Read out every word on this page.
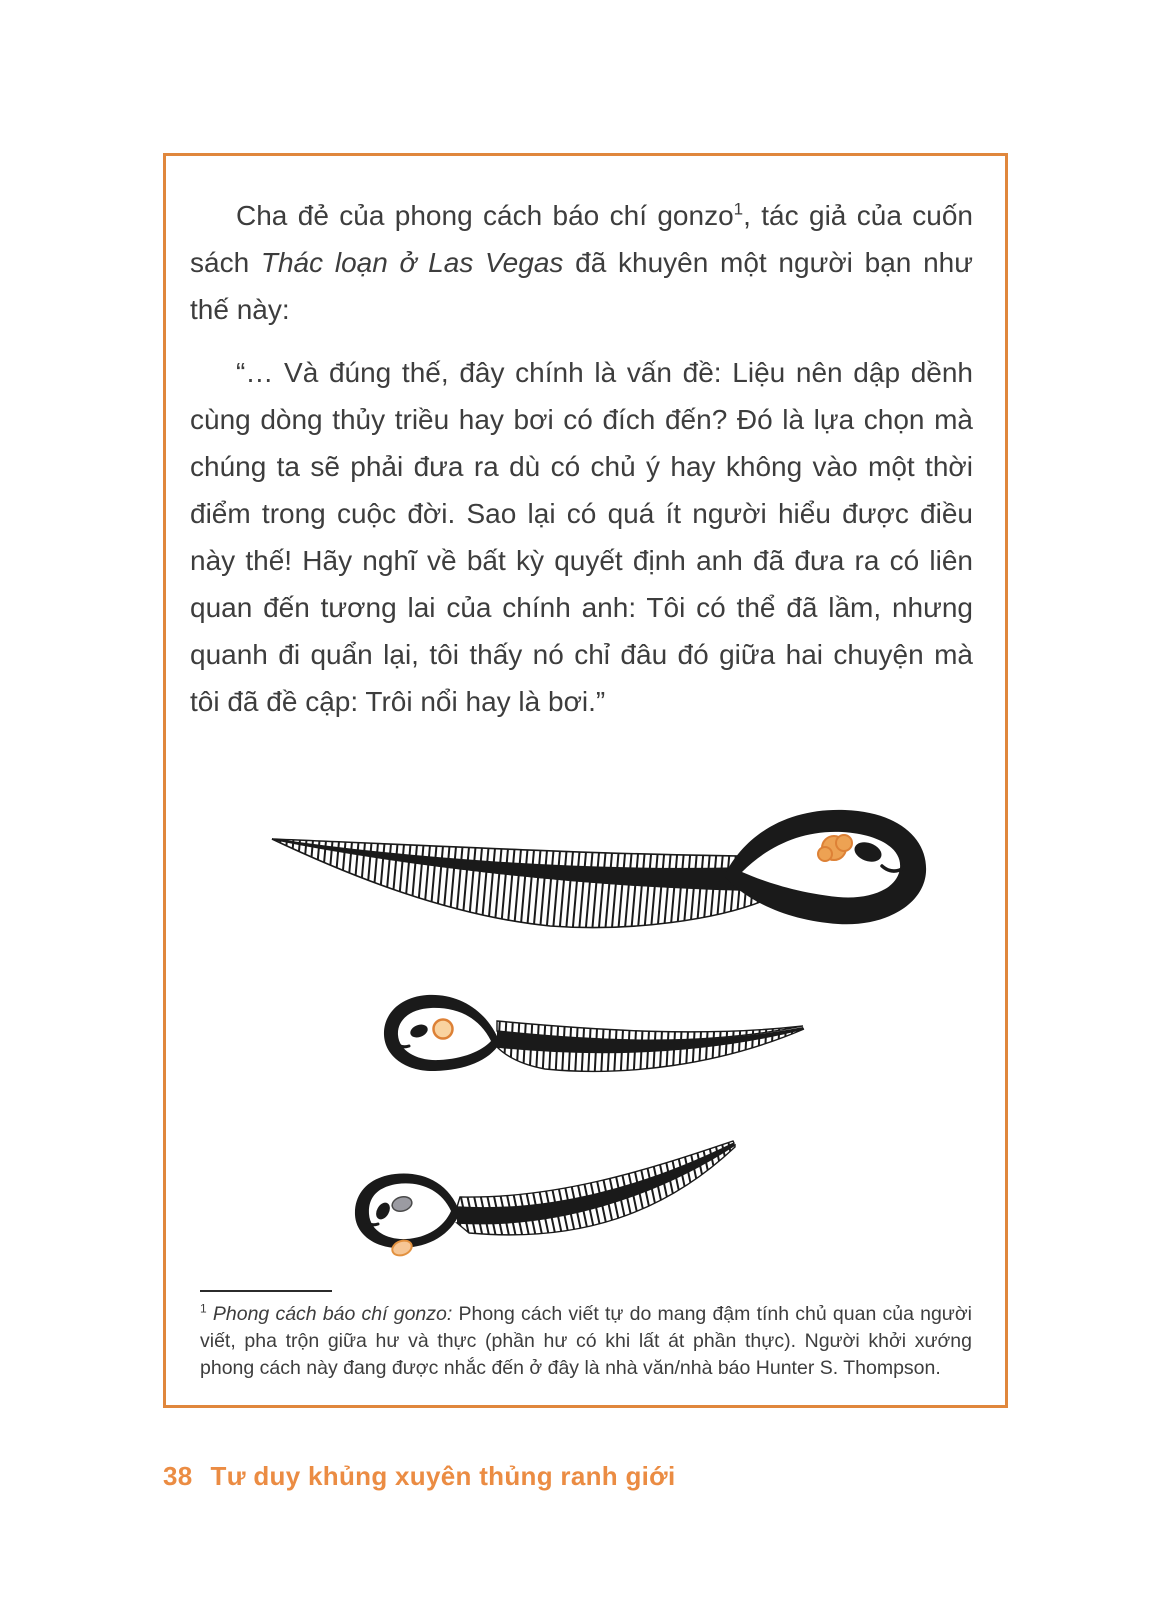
Cha đẻ của phong cách báo chí gonzo$^1$, tác giả của cuốn sách Thác loạn ở Las Vegas đã khuyên một người bạn như thế này:

“… Và đúng thế, đây chính là vấn đề: Liệu nên dập dềnh cùng dòng thủy triều hay bơi có đích đến? Đó là lựa chọn mà chúng ta sẽ phải đưa ra dù có chủ ý hay không vào một thời điểm trong cuộc đời. Sao lại có quá ít người hiểu được điều này thế! Hãy nghĩ về bất kỳ quyết định anh đã đưa ra có liên quan đến tương lai của chính anh: Tôi có thể đã lầm, nhưng quanh đi quẩn lại, tôi thấy nó chỉ đâu đó giữa hai chuyện mà tôi đã đề cập: Trôi nổi hay là bơi.”

$^1$ Phong cách báo chí gonzo: Phong cách viết tự do mang đậm tính chủ quan của người viết, pha trộn giữa hư và thực (phần hư có khi lất át phần thực). Người khởi xướng phong cách này đang được nhắc đến ở đây là nhà văn/nhà báo Hunter S. Thompson.

38 Tư duy khủng xuyên thủng ranh giới
